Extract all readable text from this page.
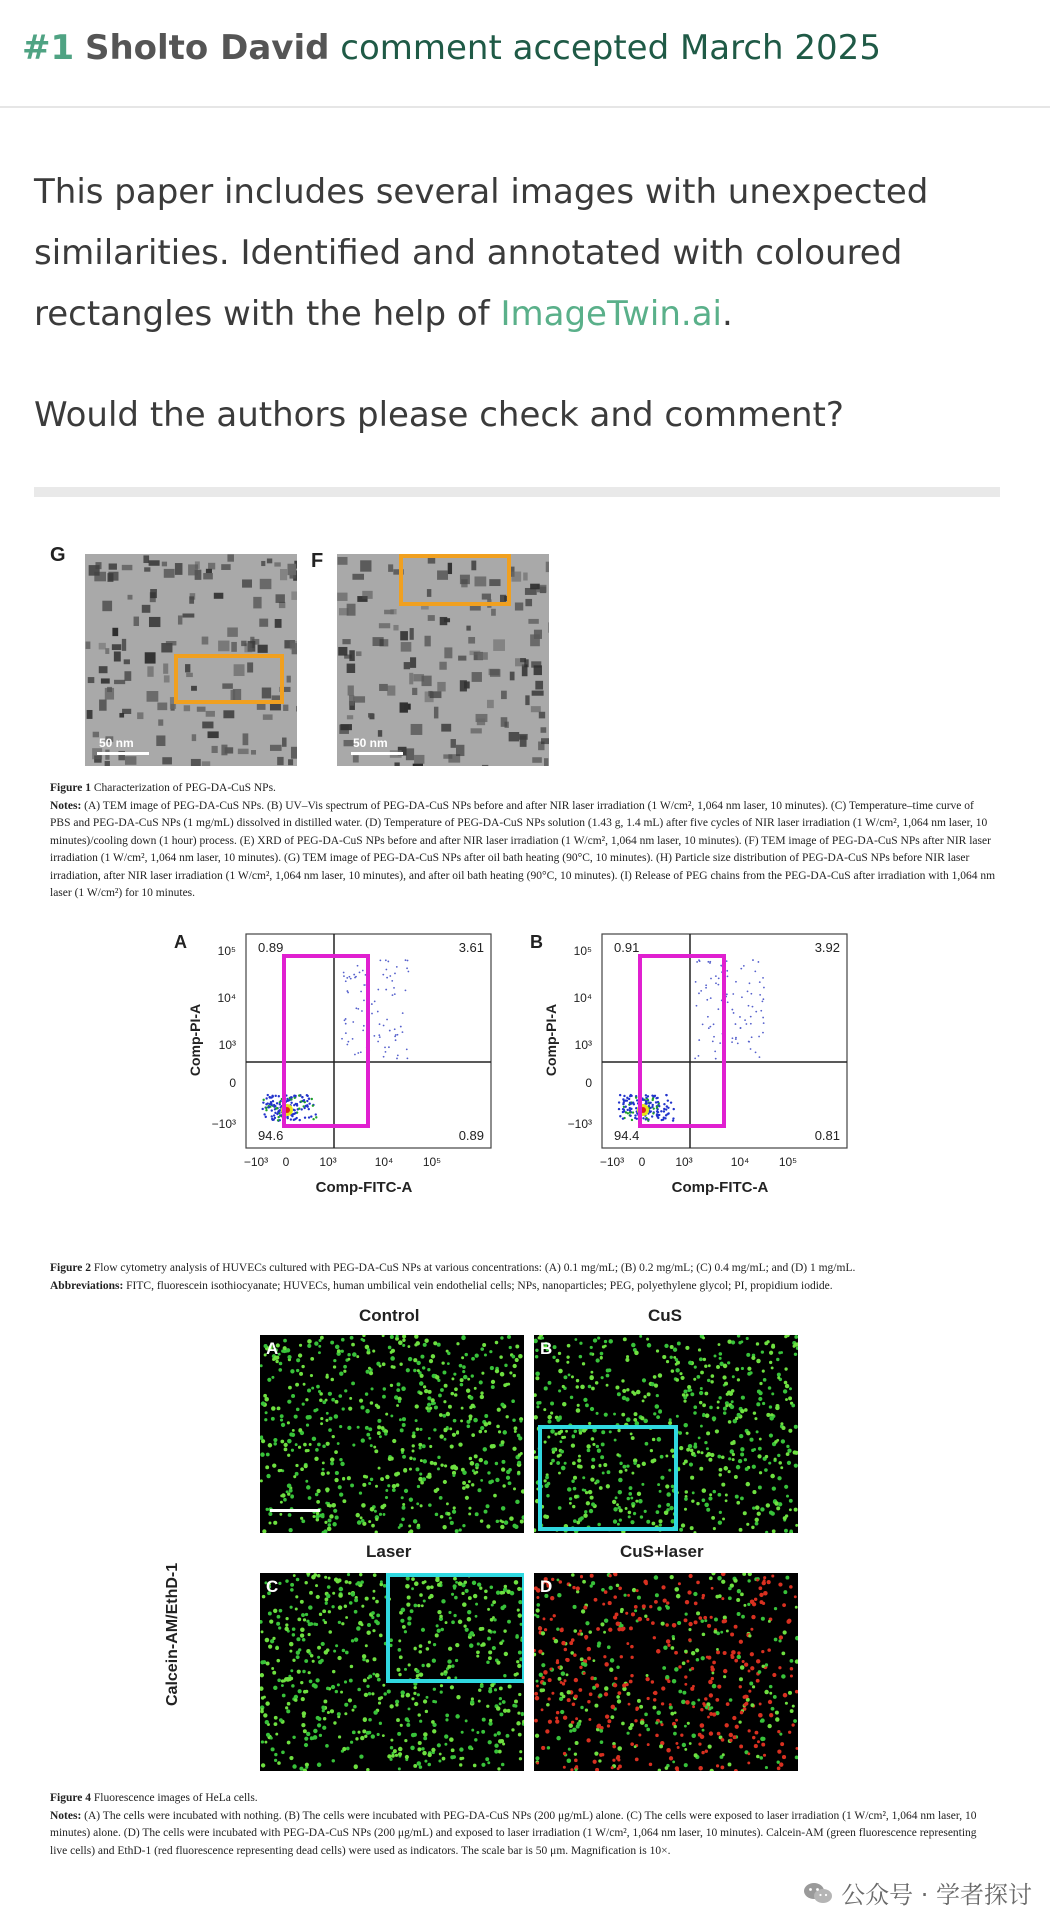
#1 Sholto David comment accepted March 2025
This paper includes several images with unexpected similarities. Identified and annotated with coloured rectangles with the help of ImageTwin.ai.
Would the authors please check and comment?
G	F
50 nm	50 nm
Figure 1 Characterization of PEG-DA-CuS NPs.
Notes: (A) TEM image of PEG-DA-CuS NPs. (B) UV–Vis spectrum of PEG-DA-CuS NPs before and after NIR laser irradiation (1 W/cm², 1,064 nm laser, 10 minutes). (C) Temperature–time curve of PBS and PEG-DA-CuS NPs (1 mg/mL) dissolved in distilled water. (D) Temperature of PEG-DA-CuS NPs solution (1.43 g, 1.4 mL) after five cycles of NIR laser irradiation (1 W/cm², 1,064 nm laser, 10 minutes)/cooling down (1 hour) process. (E) XRD of PEG-DA-CuS NPs before and after NIR laser irradiation (1 W/cm², 1,064 nm laser, 10 minutes). (F) TEM image of PEG-DA-CuS NPs after NIR laser irradiation (1 W/cm², 1,064 nm laser, 10 minutes). (G) TEM image of PEG-DA-CuS NPs after oil bath heating (90°C, 10 minutes). (H) Particle size distribution of PEG-DA-CuS NPs before NIR laser irradiation, after NIR laser irradiation (1 W/cm², 1,064 nm laser, 10 minutes), and after oil bath heating (90°C, 10 minutes). (I) Release of PEG chains from the PEG-DA-CuS after irradiation with 1,064 nm laser (1 W/cm²) for 10 minutes.
A	0.89	3.61
94.6	0.89
10⁵
10⁴
10³
0
−10³
−10³ 0 10³	10⁴ 10⁵
Comp-PI-A
B	0.91	3.92
94.4	0.81
10⁵
10⁴
10³
0
−10³
−10³ 0 10³	10⁴ 10⁵
Comp-PI-A
Comp-FITC-A	Comp-FITC-A
Figure 2 Flow cytometry analysis of HUVECs cultured with PEG-DA-CuS NPs at various concentrations: (A) 0.1 mg/mL; (B) 0.2 mg/mL; (C) 0.4 mg/mL; and (D) 1 mg/mL.
Abbreviations: FITC, fluorescein isothiocyanate; HUVECs, human umbilical vein endothelial cells; NPs, nanoparticles; PEG, polyethylene glycol; PI, propidium iodide.
Control	CuS
Laser	CuS+laser
Calcein-AM/EthD-1
A	B
C	D
Figure 4 Fluorescence images of HeLa cells.
Notes: (A) The cells were incubated with nothing. (B) The cells were incubated with PEG-DA-CuS NPs (200 μg/mL) alone. (C) The cells were exposed to laser irradiation (1 W/cm², 1,064 nm laser, 10 minutes) alone. (D) The cells were incubated with PEG-DA-CuS NPs (200 μg/mL) and exposed to laser irradiation (1 W/cm², 1,064 nm laser, 10 minutes). Calcein-AM (green fluorescence representing live cells) and EthD-1 (red fluorescence representing dead cells) were used as indicators. The scale bar is 50 μm. Magnification is 10×.
公众号 · 学者探讨
